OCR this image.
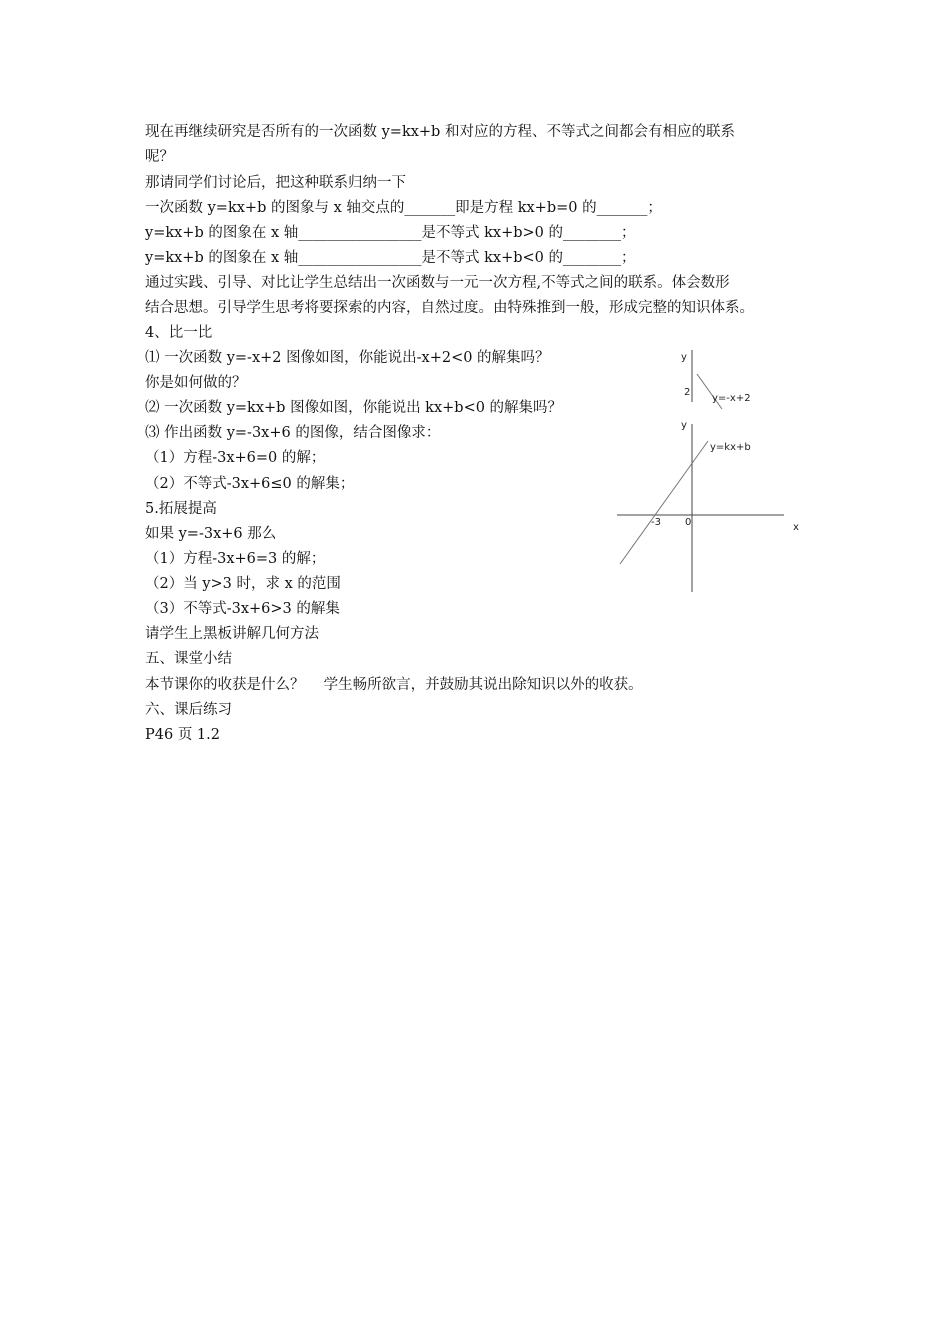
现在再继续研究是否所有的一次函数 y=kx+b 和对应的方程、不等式之间都会有相应的联系
呢？
那请同学们讨论后，把这种联系归纳一下
一次函数 y=kx+b 的图象与 x 轴交点的_______即是方程 kx+b=0 的_______；
y=kx+b 的图象在 x 轴_________________是不等式 kx+b>0 的________；
y=kx+b 的图象在 x 轴_________________是不等式 kx+b<0 的________；
通过实践、引导、对比让学生总结出一次函数与一元一次方程,不等式之间的联系。体会数形
结合思想。引导学生思考将要探索的内容，自然过度。由特殊推到一般，形成完整的知识体系。
4、比一比
⑴ 一次函数 y=-x+2 图像如图，你能说出-x+2<0 的解集吗？
你是如何做的？
⑵ 一次函数 y=kx+b 图像如图，你能说出 kx+b<0 的解集吗？
⑶ 作出函数 y=-3x+6 的图像，结合图像求：
（1）方程-3x+6=0 的解；
（2）不等式-3x+6≤0 的解集；
5.拓展提高
如果 y=-3x+6 那么
（1）方程-3x+6=3 的解；
（2）当 y>3 时，求 x 的范围
（3）不等式-3x+6>3 的解集
请学生上黑板讲解几何方法
五、课堂小结
本节课你的收获是什么？　 学生畅所欲言，并鼓励其说出除知识以外的收获。
六、课后练习
P46 页 1.2
y
2
y=-x+2
y
x
0
-3
y=kx+b
